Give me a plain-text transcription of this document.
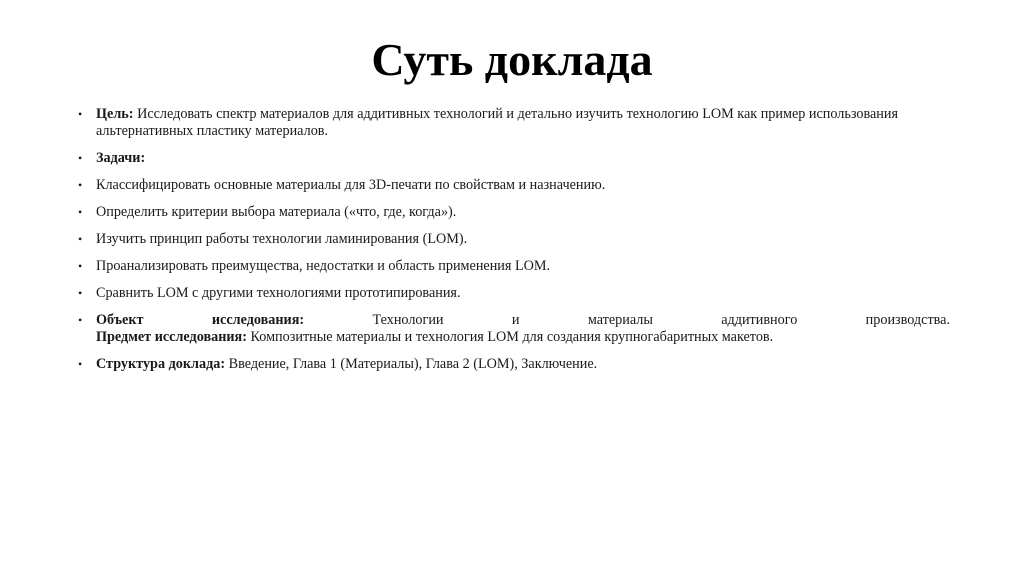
Суть доклада
• Цель: Исследовать спектр материалов для аддитивных технологий и детально изучить технологию LOM как пример использования альтернативных пластику материалов.
• Задачи:
• Классифицировать основные материалы для 3D-печати по свойствам и назначению.
• Определить критерии выбора материала («что, где, когда»).
• Изучить принцип работы технологии ламинирования (LOM).
• Проанализировать преимущества, недостатки и область применения LOM.
• Сравнить LOM с другими технологиями прототипирования.
• Объект исследования: Технологии и материалы аддитивного производства.
Предмет исследования: Композитные материалы и технология LOM для создания крупногабаритных макетов.
• Структура доклада: Введение, Глава 1 (Материалы), Глава 2 (LOM), Заключение.
